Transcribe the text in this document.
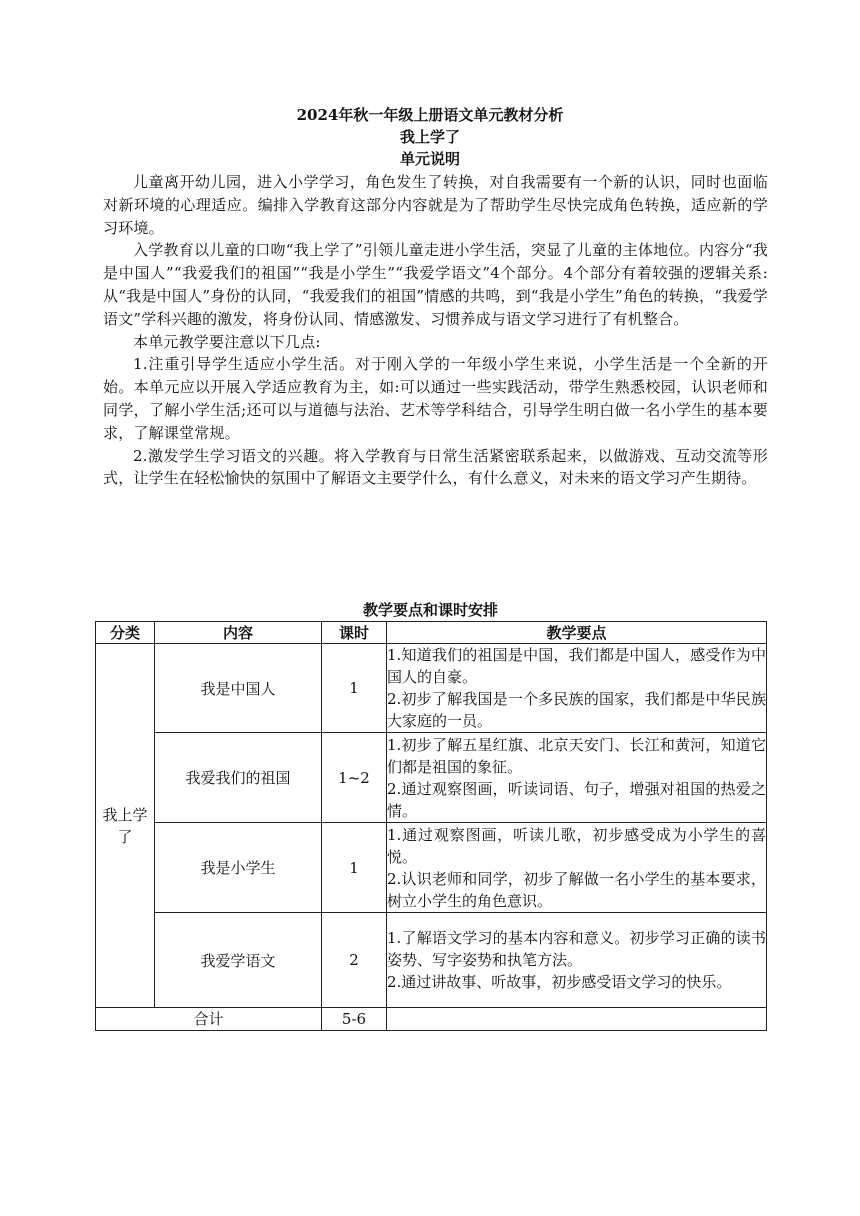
2024年秋一年级上册语文单元教材分析
我上学了
单元说明

儿童离开幼儿园，进入小学学习，角色发生了转换，对自我需要有一个新的认识，同时也面临对新环境的心理适应。编排入学教育这部分内容就是为了帮助学生尽快完成角色转换，适应新的学习环境。

入学教育以儿童的口吻“我上学了”引领儿童走进小学生活，突显了儿童的主体地位。内容分“我是中国人”“我爱我们的祖国”“我是小学生”“我爱学语文”4个部分。4个部分有着较强的逻辑关系:从“我是中国人”身份的认同，“我爱我们的祖国”情感的共鸣，到“我是小学生”角色的转换，“我爱学语文”学科兴趣的激发，将身份认同、情感激发、习惯养成与语文学习进行了有机整合。

本单元教学要注意以下几点:

1.注重引导学生适应小学生活。对于刚入学的一年级小学生来说，小学生活是一个全新的开始。本单元应以开展入学适应教育为主，如:可以通过一些实践活动，带学生熟悉校园，认识老师和同学，了解小学生活;还可以与道德与法治、艺术等学科结合，引导学生明白做一名小学生的基本要求，了解课堂常规。

2.激发学生学习语文的兴趣。将入学教育与日常生活紧密联系起来，以做游戏、互动交流等形式，让学生在轻松愉快的氛围中了解语文主要学什么，有什么意义，对未来的语文学习产生期待。

教学要点和课时安排
分类	内容	课时	教学要点
我上学了	我是中国人	1	1.知道我们的祖国是中国，我们都是中国人，感受作为中国人的自豪。
2.初步了解我国是一个多民族的国家，我们都是中华民族大家庭的一员。

	我爱我们的祖国	1~2	1.初步了解五星红旗、北京天安门、长江和黄河，知道它们都是祖国的象征。
2.通过观察图画，听读词语、句子，增强对祖国的热爱之情。

	我是小学生	1	1.通过观察图画，听读儿歌，初步感受成为小学生的喜悦。
2.认识老师和同学，初步了解做一名小学生的基本要求，树立小学生的角色意识。

	我爱学语文	2	1.了解语文学习的基本内容和意义。初步学习正确的读书姿势、写字姿势和执笔方法。
2.通过讲故事、听故事，初步感受语文学习的快乐。

合计		5-6	
